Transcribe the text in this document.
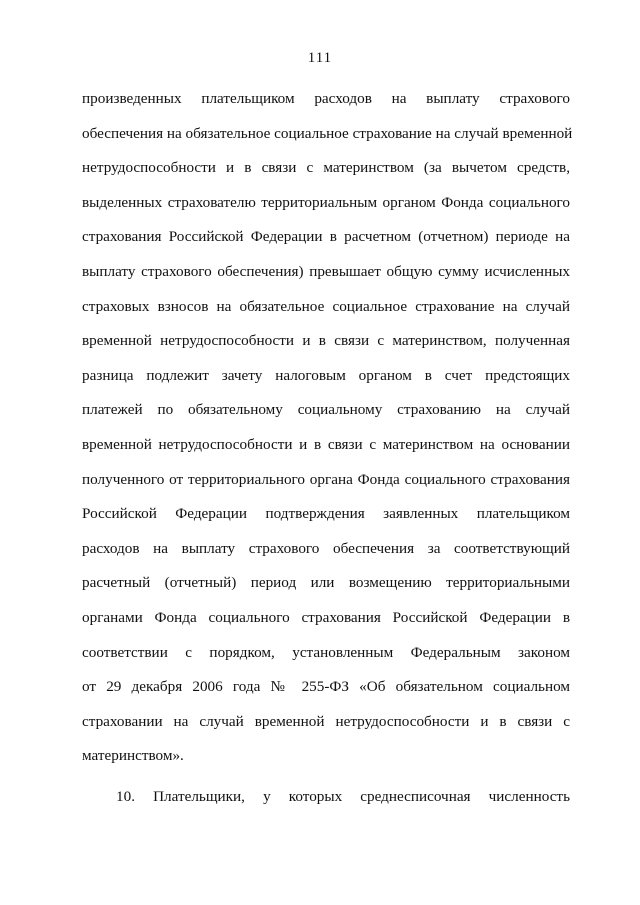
111
произведенных плательщиком расходов на выплату страхового
обеспечения на обязательное социальное страхование на случай временной
нетрудоспособности и в связи с материнством (за вычетом средств,
выделенных страхователю территориальным органом Фонда социального
страхования Российской Федерации в расчетном (отчетном) периоде на
выплату страхового обеспечения) превышает общую сумму исчисленных
страховых взносов на обязательное социальное страхование на случай
временной нетрудоспособности и в связи с материнством, полученная
разница подлежит зачету налоговым органом в счет предстоящих
платежей по обязательному социальному страхованию на случай
временной нетрудоспособности и в связи с материнством на основании
полученного от территориального органа Фонда социального страхования
Российской Федерации подтверждения заявленных плательщиком
расходов на выплату страхового обеспечения за соответствующий
расчетный (отчетный) период или возмещению территориальными
органами Фонда социального страхования Российской Федерации в
соответствии с порядком, установленным Федеральным законом
от 29 декабря 2006 года № 255-ФЗ «Об обязательном социальном
страховании на случай временной нетрудоспособности и в связи с
материнством».
10. Плательщики, у которых среднесписочная численность
